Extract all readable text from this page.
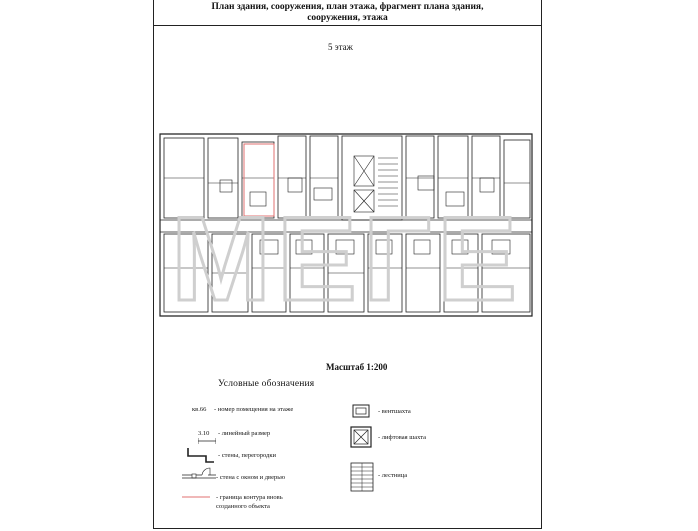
План здания, сооружения, план этажа, фрагмент плана здания,
сооружения, этажа
5 этаж
МЕГЕ
Масштаб 1:200
Условные обозначения
кв.66 - номер помещения на этаже
3.10 - линейный размер
- стены, перегородки
- стена с окном и дверью
- граница контура вновь
созданного объекта
- вентшахта
- лифтовая шахта
- лестница
